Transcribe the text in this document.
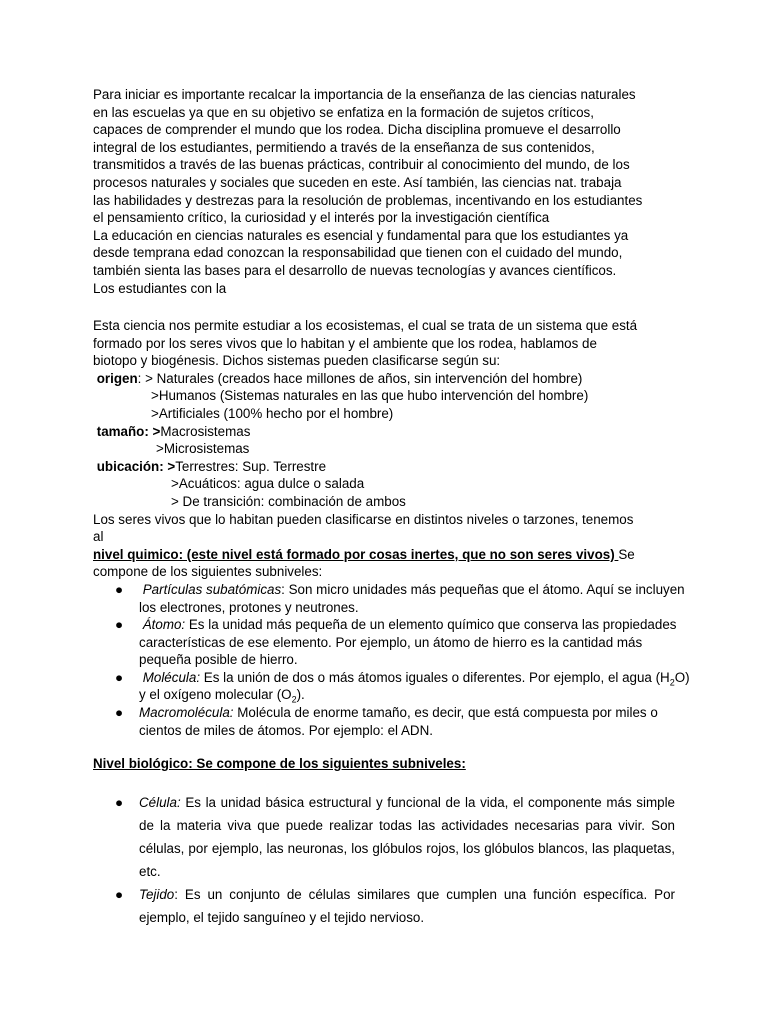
Para iniciar es importante recalcar la importancia de la enseñanza de las ciencias naturales
en las escuelas ya que en su objetivo se enfatiza en la formación de sujetos críticos,
capaces de comprender el mundo que los rodea. Dicha disciplina promueve el desarrollo
integral de los estudiantes, permitiendo a través de la enseñanza de sus contenidos,
transmitidos a través de las buenas prácticas, contribuir al conocimiento del mundo, de los
procesos naturales y sociales que suceden en este. Así también, las ciencias nat. trabaja
las habilidades y destrezas para la resolución de problemas, incentivando en los estudiantes
el pensamiento crítico, la curiosidad y el interés por la investigación científica
La educación en ciencias naturales es esencial y fundamental para que los estudiantes ya
desde temprana edad conozcan la responsabilidad que tienen con el cuidado del mundo,
también sienta las bases para el desarrollo de nuevas tecnologías y avances científicos.
Los estudiantes con la
Esta ciencia nos permite estudiar a los ecosistemas, el cual se trata de un sistema que está
formado por los seres vivos que lo habitan y el ambiente que los rodea, hablamos de
biotopo y biogénesis. Dichos sistemas pueden clasificarse según su:
origen: > Naturales (creados hace millones de años, sin intervención del hombre)
>Humanos (Sistemas naturales en las que hubo intervención del hombre)
>Artificiales (100% hecho por el hombre)
tamaño: >Macrosistemas
>Microsistemas
ubicación: >Terrestres: Sup. Terrestre
>Acuáticos: agua dulce o salada
> De transición: combinación de ambos
Los seres vivos que lo habitan pueden clasificarse en distintos niveles o tarzones, tenemos
al
nivel quimico: (este nivel está formado por cosas inertes, que no son seres vivos) Se
compone de los siguientes subniveles:
● Partículas subatómicas: Son micro unidades más pequeñas que el átomo. Aquí se incluyen los electrones, protones y neutrones.
● Átomo: Es la unidad más pequeña de un elemento químico que conserva las propiedades características de ese elemento. Por ejemplo, un átomo de hierro es la cantidad más pequeña posible de hierro.
● Molécula: Es la unión de dos o más átomos iguales o diferentes. Por ejemplo, el agua $(H_2O)$ y el oxígeno molecular $(O_2)$.
● Macromolécula: Molécula de enorme tamaño, es decir, que está compuesta por miles o cientos de miles de átomos. Por ejemplo: el ADN.
Nivel biológico: Se compone de los siguientes subniveles:
● Célula: Es la unidad básica estructural y funcional de la vida, el componente más simple de la materia viva que puede realizar todas las actividades necesarias para vivir. Son células, por ejemplo, las neuronas, los glóbulos rojos, los glóbulos blancos, las plaquetas, etc.
● Tejido: Es un conjunto de células similares que cumplen una función específica. Por ejemplo, el tejido sanguíneo y el tejido nervioso.
